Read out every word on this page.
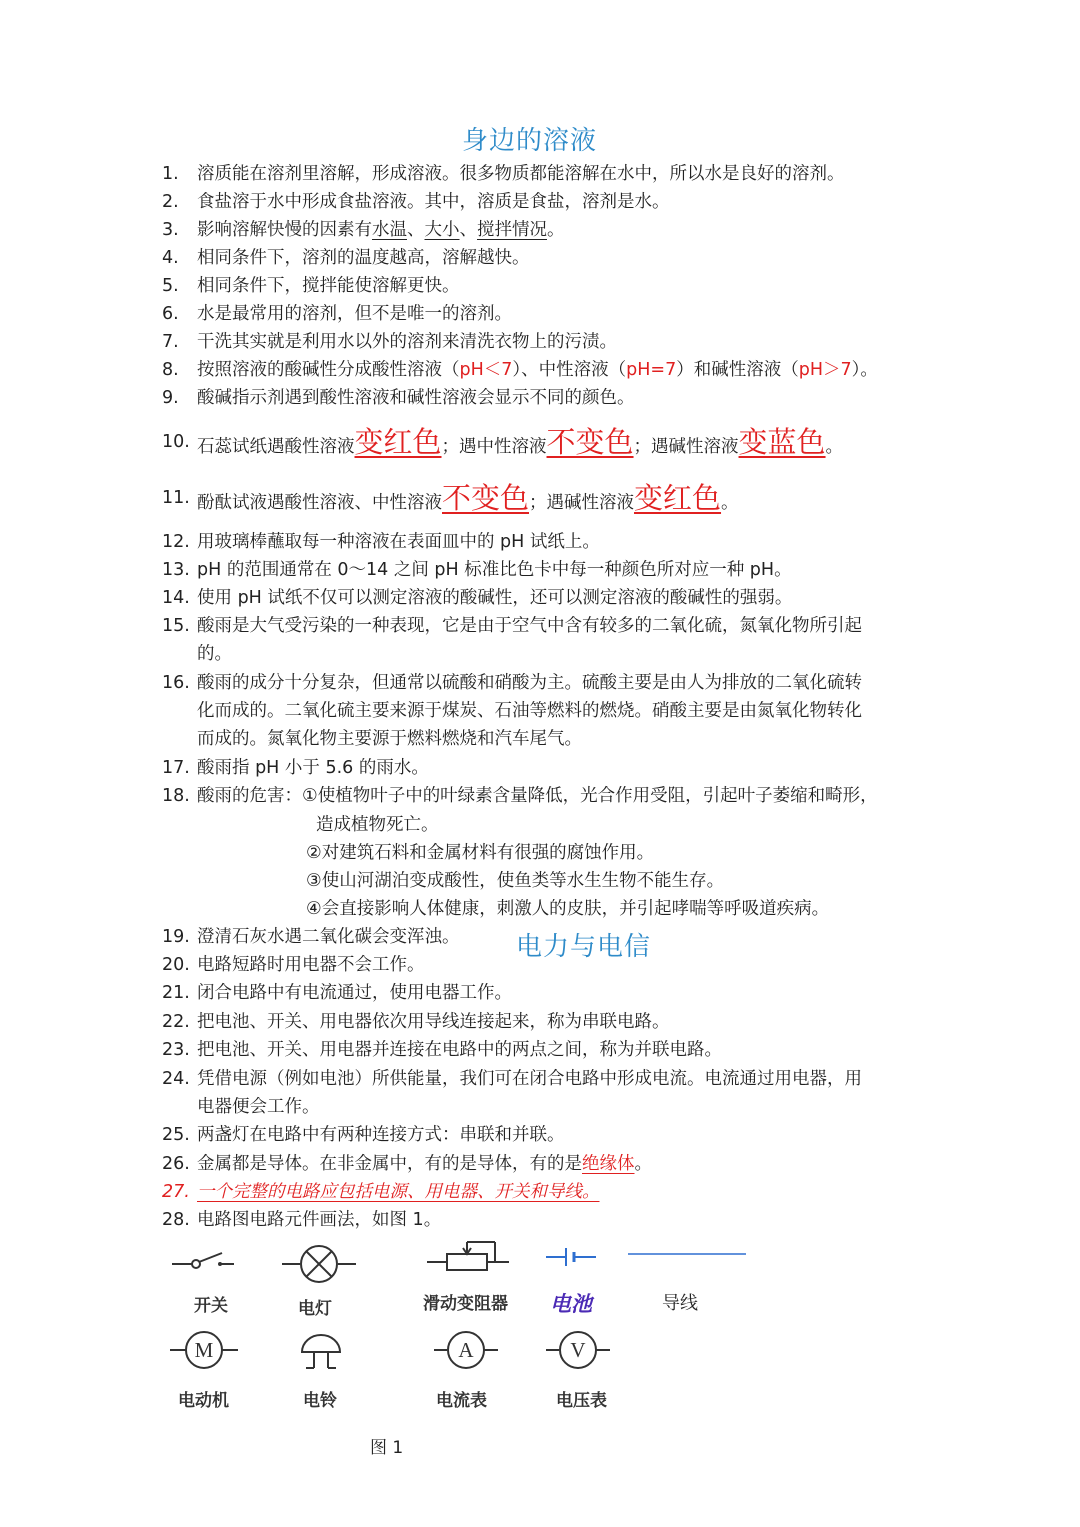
身边的溶液
电力与电信
1.	溶质能在溶剂里溶解，形成溶液。很多物质都能溶解在水中，所以水是良好的溶剂。
2.	食盐溶于水中形成食盐溶液。其中，溶质是食盐，溶剂是水。
3.	影响溶解快慢的因素有水温、大小、搅拌情况。
4.	相同条件下，溶剂的温度越高，溶解越快。
5.	相同条件下，搅拌能使溶解更快。
6.	水是最常用的溶剂，但不是唯一的溶剂。
7.	干洗其实就是利用水以外的溶剂来清洗衣物上的污渍。
8.	按照溶液的酸碱性分成酸性溶液（pH＜7）、中性溶液（pH=7）和碱性溶液（pH＞7）。
9.	酸碱指示剂遇到酸性溶液和碱性溶液会显示不同的颜色。
10. 石蕊试纸遇酸性溶液变红色；遇中性溶液不变色；遇碱性溶液变蓝色。
11. 酚酞试液遇酸性溶液、中性溶液不变色；遇碱性溶液变红色。
12. 用玻璃棒蘸取每一种溶液在表面皿中的 pH 试纸上。
13. pH 的范围通常在 0～14 之间 pH 标准比色卡中每一种颜色所对应一种 pH。
14. 使用 pH 试纸不仅可以测定溶液的酸碱性，还可以测定溶液的酸碱性的强弱。
15. 酸雨是大气受污染的一种表现，它是由于空气中含有较多的二氧化硫，氮氧化物所引起
16. 酸雨的成分十分复杂，但通常以硫酸和硝酸为主。硫酸主要是由人为排放的二氧化硫转
17. 酸雨指 pH 小于 5.6 的雨水。
18. 酸雨的危害：①使植物叶子中的叶绿素含量降低，光合作用受阻，引起叶子萎缩和畸形，
19. 澄清石灰水遇二氧化碳会变浑浊。
20. 电路短路时用电器不会工作。
21. 闭合电路中有电流通过，使用电器工作。
22. 把电池、开关、用电器依次用导线连接起来，称为串联电路。
23. 把电池、开关、用电器并连接在电路中的两点之间，称为并联电路。
24. 凭借电源（例如电池）所供能量，我们可在闭合电路中形成电流。电流通过用电器，用
25. 两盏灯在电路中有两种连接方式：串联和并联。
26. 金属都是导体。在非金属中，有的是导体，有的是绝缘体。
27. 一个完整的电路应包括电源、用电器、开关和导线。
28. 电路图电路元件画法，如图 1。
的。
化而成的。二氧化硫主要来源于煤炭、石油等燃料的燃烧。硝酸主要是由氮氧化物转化
而成的。氮氧化物主要源于燃料燃烧和汽车尾气。
造成植物死亡。
②对建筑石料和金属材料有很强的腐蚀作用。
③使山河湖泊变成酸性，使鱼类等水生生物不能生存。
④会直接影响人体健康，刺激人的皮肤，并引起哮喘等呼吸道疾病。
电器便会工作。
开关	电灯	滑动变阻器 电池	导线
M
电动机	电铃
A
电流表
V
电压表
图 1
